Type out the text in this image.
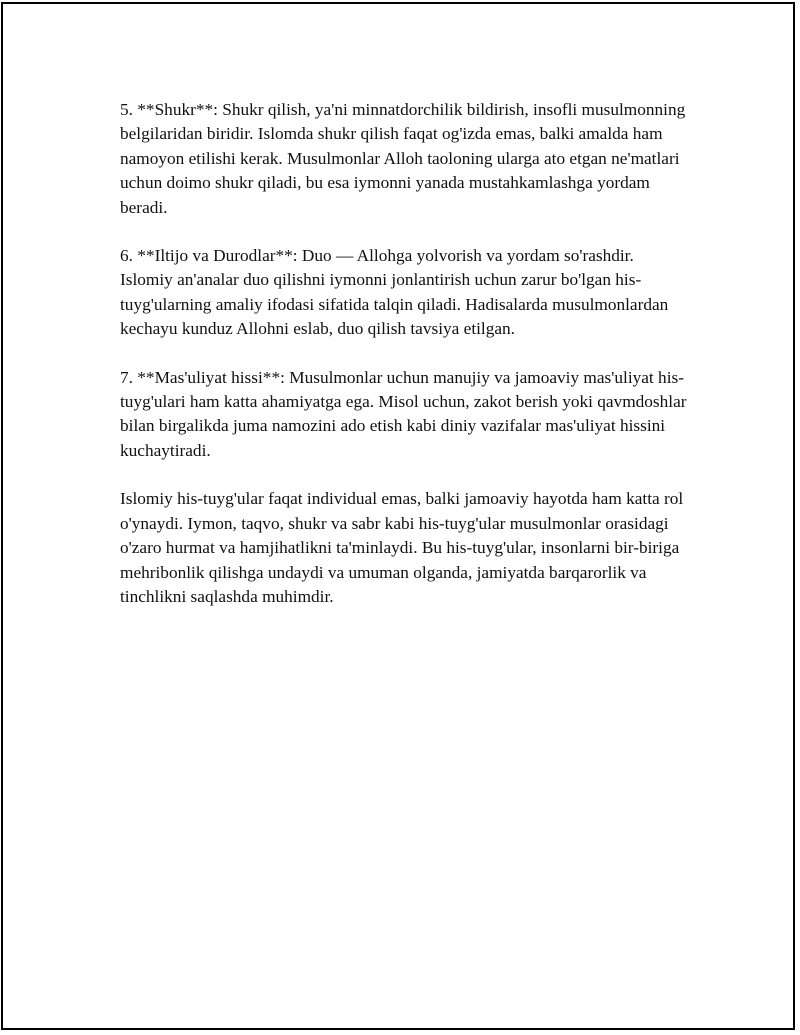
5. **Shukr**: Shukr qilish, ya'ni minnatdorchilik bildirish, insofli musulmonning belgilaridan biridir. Islomda shukr qilish faqat og'izda emas, balki amalda ham namoyon etilishi kerak. Musulmonlar Alloh taoloning ularga ato etgan ne'matlari uchun doimo shukr qiladi, bu esa iymonni yanada mustahkamlashga yordam beradi.

6. **Iltijo va Durodlar**: Duo — Allohga yolvorish va yordam so'rashdir. Islomiy an'analar duo qilishni iymonni jonlantirish uchun zarur bo'lgan his-tuyg'ularning amaliy ifodasi sifatida talqin qiladi. Hadisalarda musulmonlardan kechayu kunduz Allohni eslab, duo qilish tavsiya etilgan.

7. **Mas'uliyat hissi**: Musulmonlar uchun manujiy va jamoaviy mas'uliyat his-tuyg'ulari ham katta ahamiyatga ega. Misol uchun, zakot berish yoki qavmdoshlar bilan birgalikda juma namozini ado etish kabi diniy vazifalar mas'uliyat hissini kuchaytiradi.

Islomiy his-tuyg'ular faqat individual emas, balki jamoaviy hayotda ham katta rol o'ynaydi. Iymon, taqvo, shukr va sabr kabi his-tuyg'ular musulmonlar orasidagi o'zaro hurmat va hamjihatlikni ta'minlaydi. Bu his-tuyg'ular, insonlarni bir-biriga mehribonlik qilishga undaydi va umuman olganda, jamiyatda barqarorlik va tinchlikni saqlashda muhimdir.
